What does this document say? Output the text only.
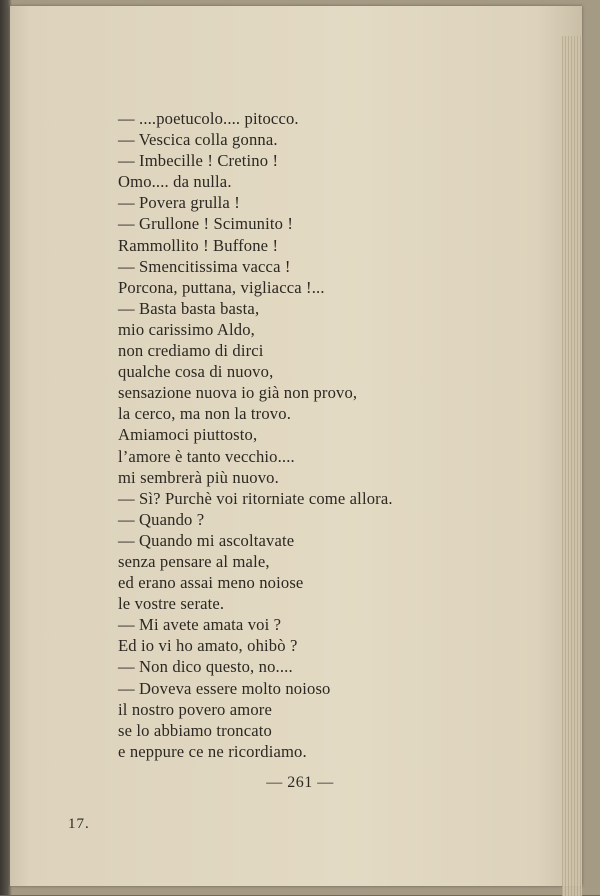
— ....poetucolo.... pitocco.
— Vescica colla gonna.
— Imbecille ! Cretino !
Omo.... da nulla.
— Povera grulla !
— Grullone ! Scimunito !
Rammollito ! Buffone !
— Smencitissima vacca !
Porcona, puttana, vigliacca !...
— Basta basta basta,
mio carissimo Aldo,
non crediamo di dirci
qualche cosa di nuovo,
sensazione nuova io già non provo,
la cerco, ma non la trovo.
Amiamoci piuttosto,
l’amore è tanto vecchio....
mi sembrerà più nuovo.
— Sì? Purchè voi ritorniate come allora.
— Quando ?
— Quando mi ascoltavate
senza pensare al male,
ed erano assai meno noiose
le vostre serate.
— Mi avete amata voi ?
Ed io vi ho amato, ohibò ?
— Non dico questo, no....
— Doveva essere molto noioso
il nostro povero amore
se lo abbiamo troncato
e neppure ce ne ricordiamo.
— 261 —
17.
